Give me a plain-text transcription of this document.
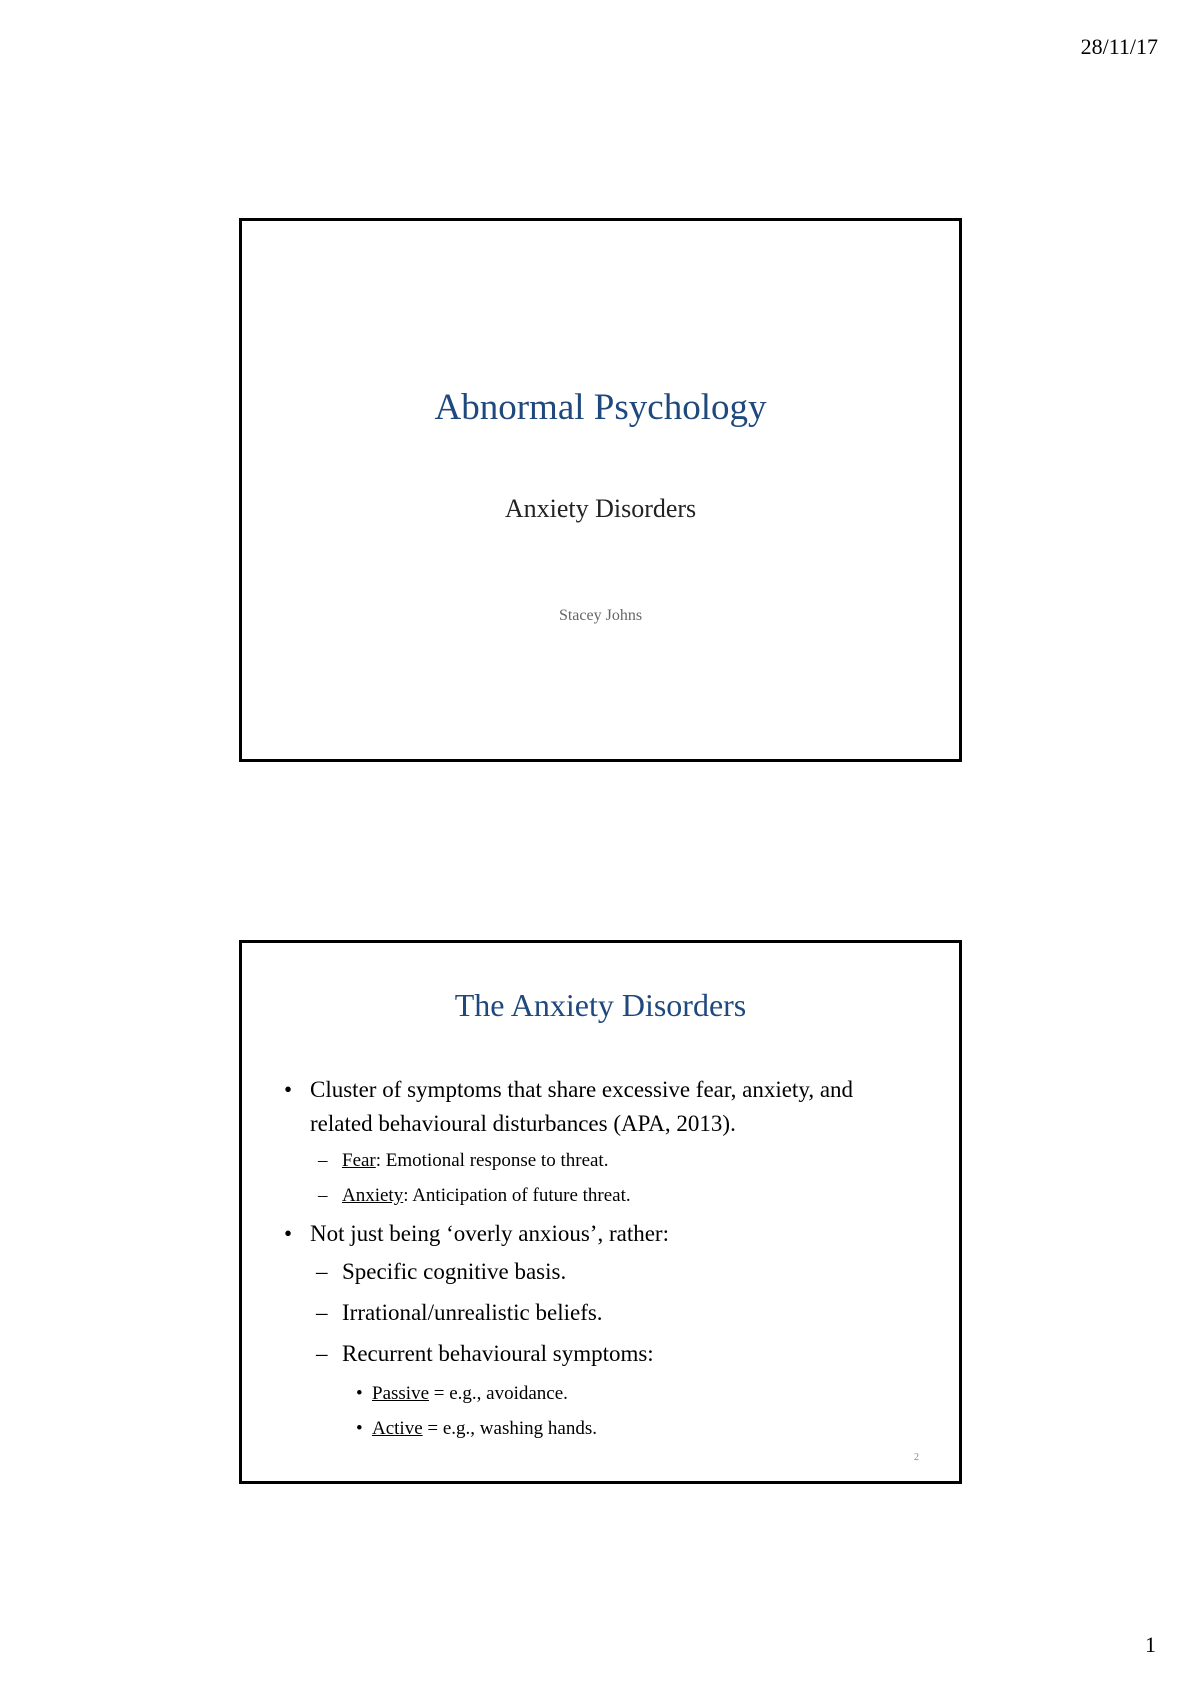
28/11/17
Abnormal Psychology
Anxiety Disorders
Stacey Johns
The Anxiety Disorders
• Cluster of symptoms that share excessive fear, anxiety, and related behavioural disturbances (APA, 2013).
– Fear: Emotional response to threat.
– Anxiety: Anticipation of future threat.
• Not just being ‘overly anxious’, rather:
– Specific cognitive basis.
– Irrational/unrealistic beliefs.
– Recurrent behavioural symptoms:
• Passive = e.g., avoidance.
• Active = e.g., washing hands.
2
1
